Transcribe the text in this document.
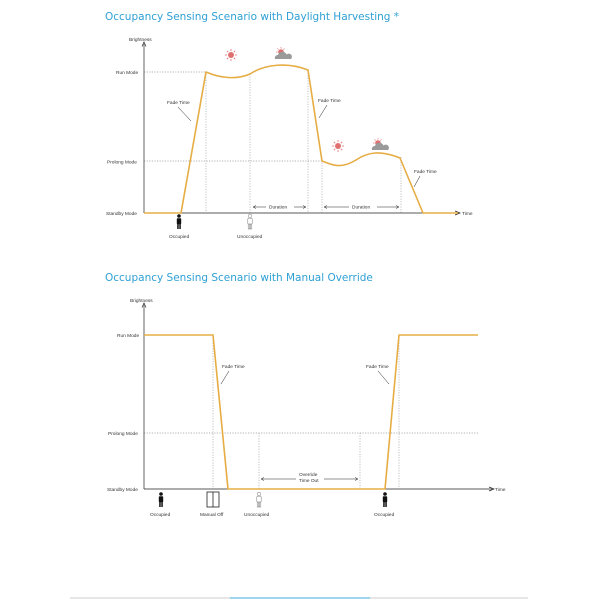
Occupancy Sensing Scenario with Daylight Harvesting *
Brightness
Time
Run Mode
Prolong Mode
Standby Mode
Fade Time	Fade Time
Fade Time
Duration	Duration
Occupied	Unoccupied
Occupancy Sensing Scenario with Manual Override
Brightness
Time
Run Mode
Prolong Mode
Standby Mode
Fade Time	Fade Time
Override
Time Out
Occupied	Manual Off	Unoccupied	Occupied
